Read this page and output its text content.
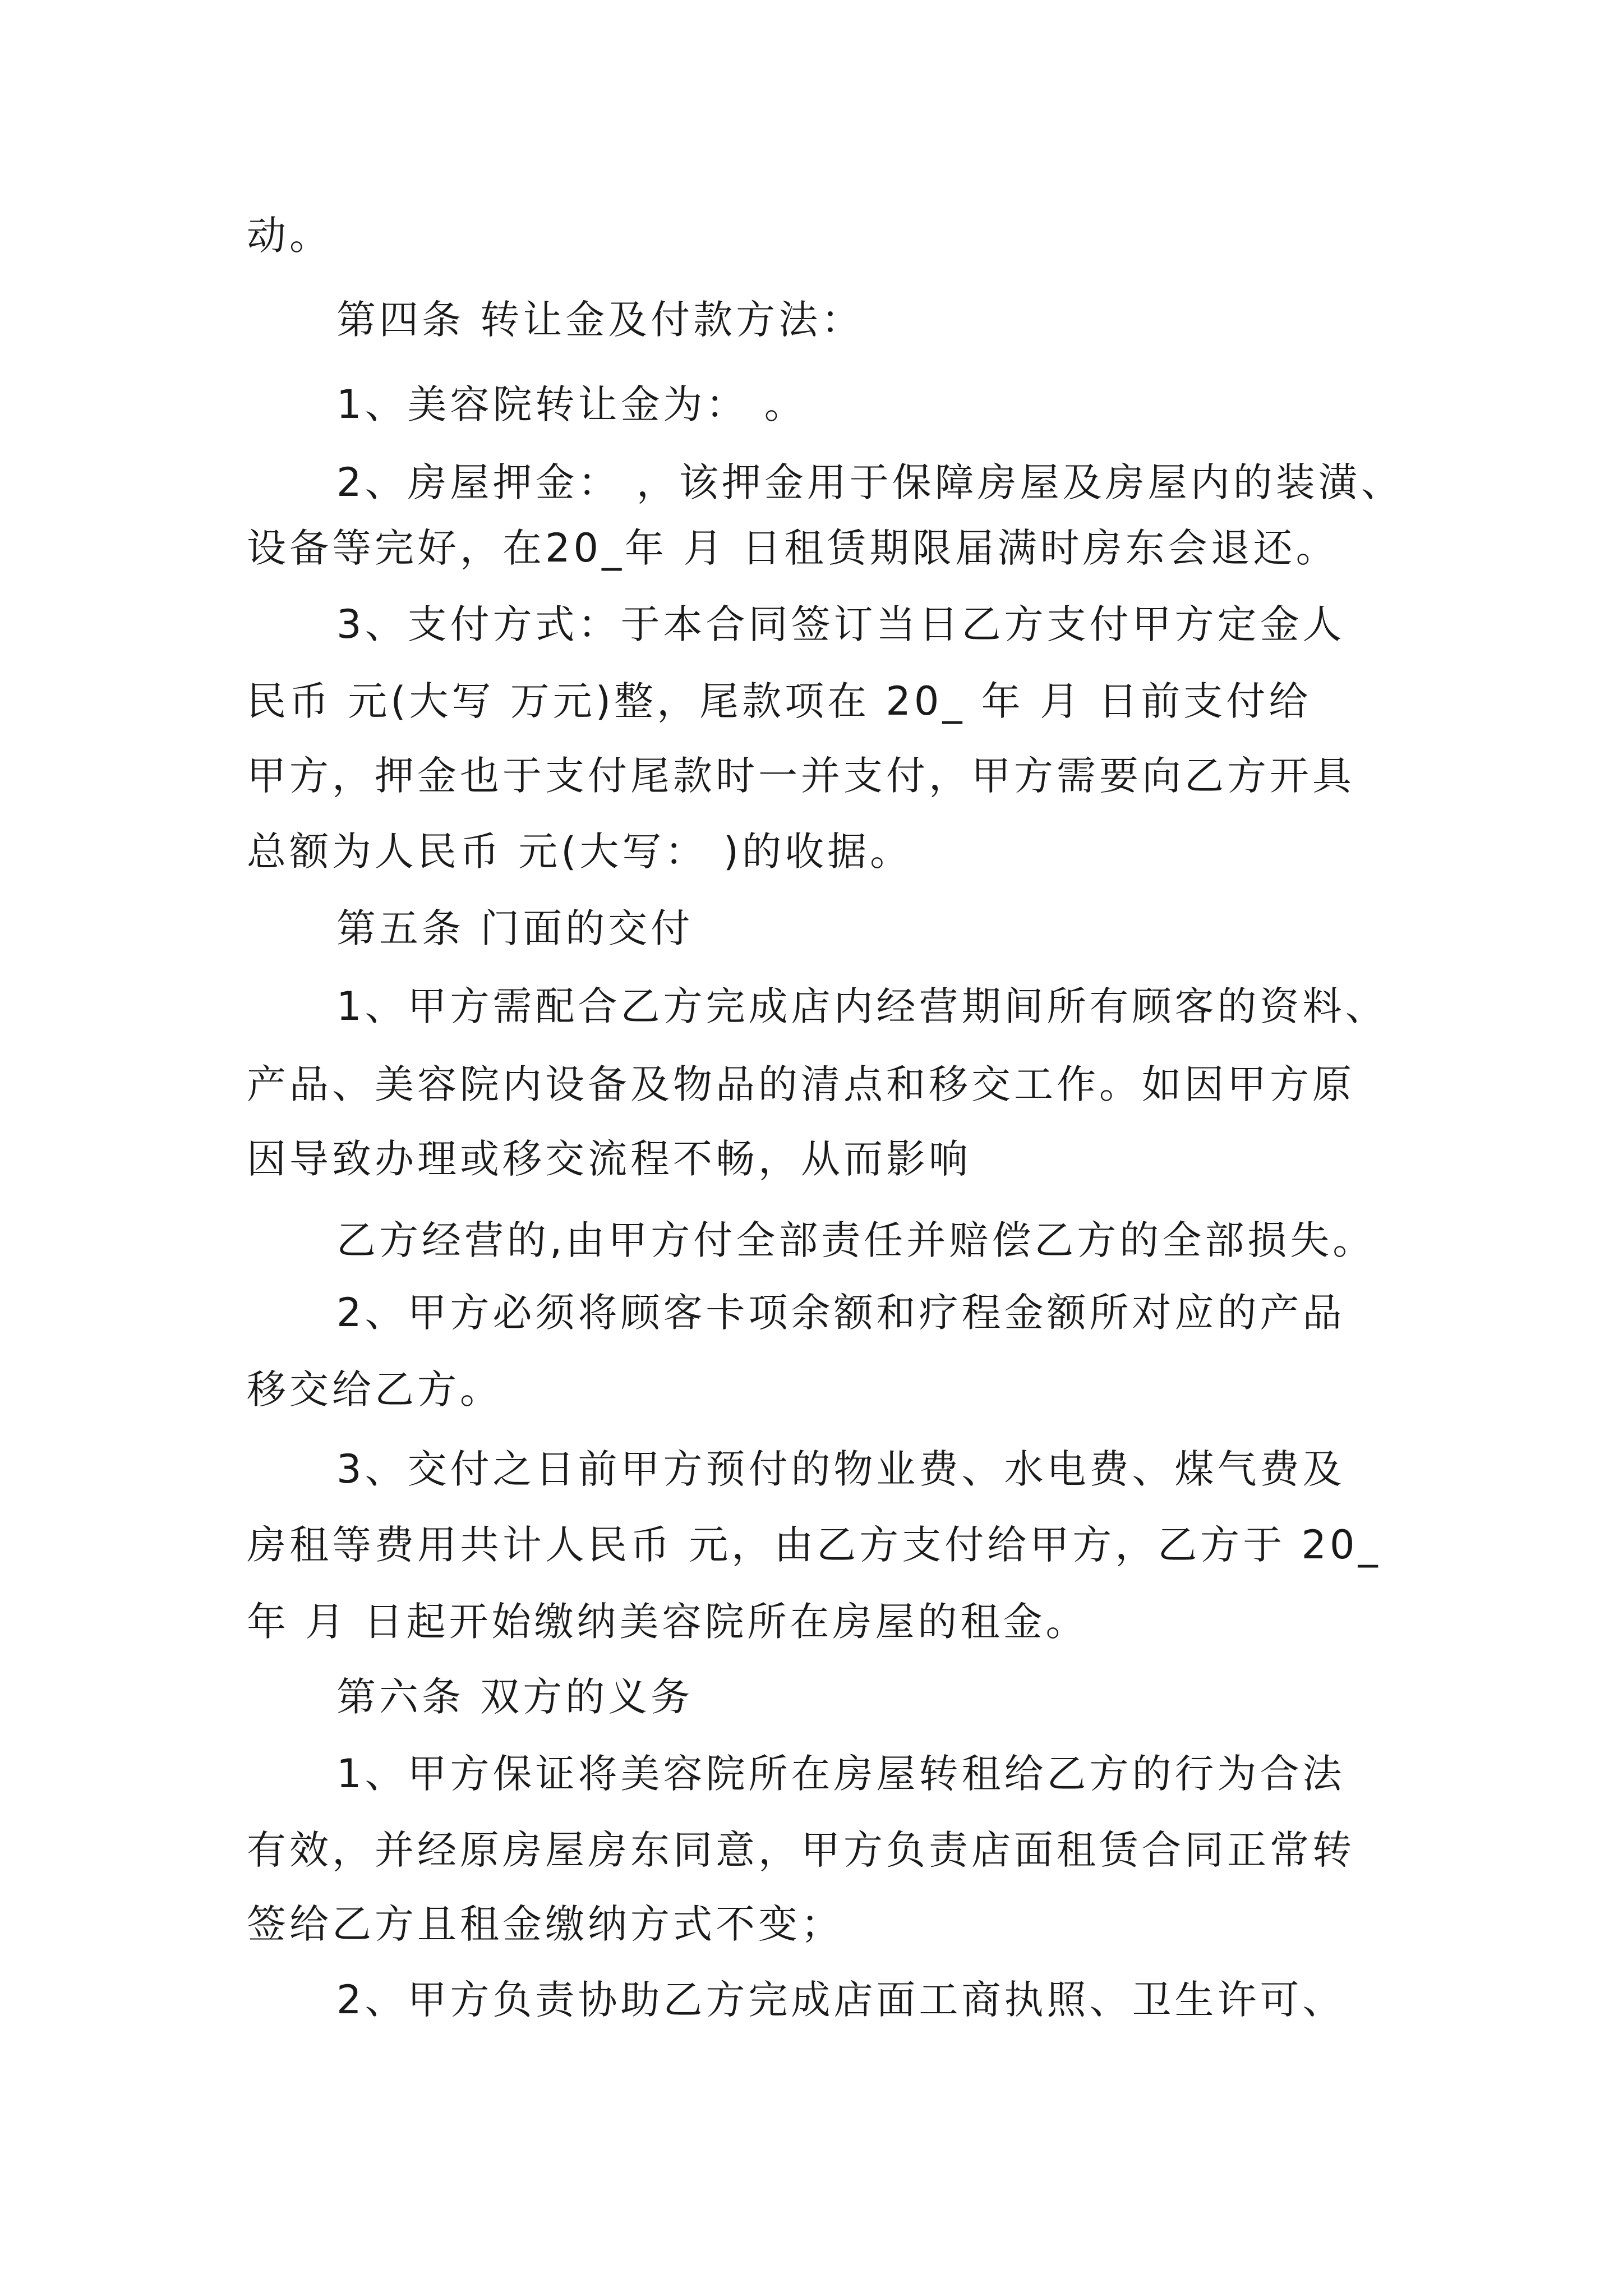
动。
第四条 转让金及付款方法：
1、美容院转让金为： 。
2、房屋押金： ，该押金用于保障房屋及房屋内的装潢、
设备等完好，在20_年 月 日租赁期限届满时房东会退还。
3、支付方式：于本合同签订当日乙方支付甲方定金人
民币 元(大写 万元)整，尾款项在 20_ 年 月 日前支付给
甲方，押金也于支付尾款时一并支付，甲方需要向乙方开具
总额为人民币 元(大写： )的收据。
第五条 门面的交付
1、甲方需配合乙方完成店内经营期间所有顾客的资料、
产品、美容院内设备及物品的清点和移交工作。如因甲方原
因导致办理或移交流程不畅，从而影响
乙方经营的,由甲方付全部责任并赔偿乙方的全部损失。
2、甲方必须将顾客卡项余额和疗程金额所对应的产品
移交给乙方。
3、交付之日前甲方预付的物业费、水电费、煤气费及
房租等费用共计人民币 元，由乙方支付给甲方，乙方于 20_
年 月 日起开始缴纳美容院所在房屋的租金。
第六条 双方的义务
1、甲方保证将美容院所在房屋转租给乙方的行为合法
有效，并经原房屋房东同意，甲方负责店面租赁合同正常转
签给乙方且租金缴纳方式不变；
2、甲方负责协助乙方完成店面工商执照、卫生许可、
